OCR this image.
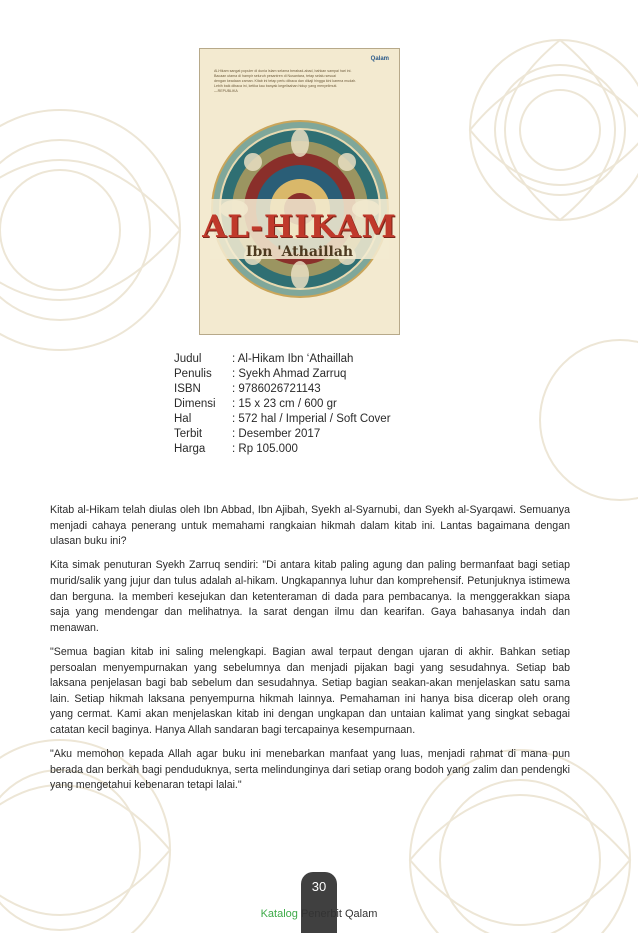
Qalam
Al-Hikam sangat populer di dunia Islam selama berabad-abad, bahkan sampai hari ini.
Bacaan utama di hampir seluruh pesantren di Nusantara, tetap selalu sesuai
dengan keadaan zaman. Kitab ini tetap perlu dibaca dan dikaji hingga kini karena mudah.
Lebih baik dibaca ini, ketika kau banyak kegelisahan hidup yang menyelimuti.
—REPUBLIKA
AL-HIKAM
Ibn 'Athaillah
Judul	: Al-Hikam Ibn ‘Athaillah
Penulis	: Syekh Ahmad Zarruq
ISBN	: 9786026721143
Dimensi	: 15 x 23 cm / 600 gr
Hal	: 572 hal / Imperial / Soft Cover
Terbit	: Desember 2017
Harga	: Rp 105.000

Kitab al-Hikam telah diulas oleh Ibn Abbad, Ibn Ajibah, Syekh al-Syarnubi, dan Syekh al-Syarqawi. Semuanya menjadi cahaya penerang untuk memahami rangkaian hikmah dalam kitab ini. Lantas bagaimana dengan ulasan buku ini?

Kita simak penuturan Syekh Zarruq sendiri: "Di antara kitab paling agung dan paling bermanfaat bagi setiap murid/salik yang jujur dan tulus adalah al-hikam. Ungkapannya luhur dan komprehensif. Petunjuknya istimewa dan berguna. Ia memberi kesejukan dan ketenteraman di dada para pembacanya. Ia menggerakkan siapa saja yang mendengar dan melihatnya. Ia sarat dengan ilmu dan kearifan. Gaya bahasanya indah dan menawan.

"Semua bagian kitab ini saling melengkapi. Bagian awal terpaut dengan ujaran di akhir. Bahkan setiap persoalan menyempurnakan yang sebelumnya dan menjadi pijakan bagi yang sesudahnya. Setiap bab laksana penjelasan bagi bab sebelum dan sesudahnya. Setiap bagian seakan-akan menjelaskan satu sama lain. Setiap hikmah laksana penyempurna hikmah lainnya. Pemahaman ini hanya bisa dicerap oleh orang yang cermat. Kami akan menjelaskan kitab ini dengan ungkapan dan untaian kalimat yang singkat sebagai catatan kecil baginya. Hanya Allah sandaran bagi tercapainya kesempurnaan.

"Aku memohon kepada Allah agar buku ini menebarkan manfaat yang luas, menjadi rahmat di mana pun berada dan berkah bagi penduduknya, serta melindunginya dari setiap orang bodoh yang zalim dan pendengki yang mengetahui kebenaran tetapi lalai."

30
Katalog Penerbit Qalam
